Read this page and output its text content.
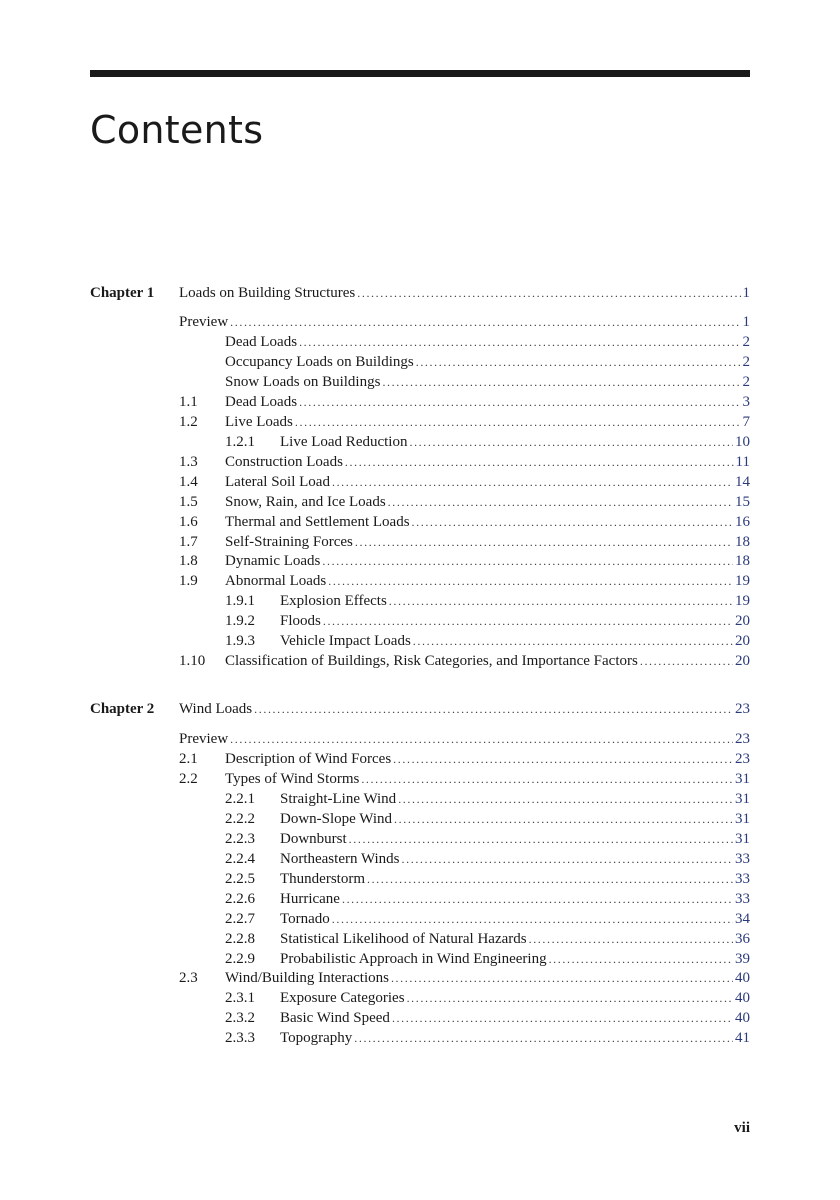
Contents
Chapter 1 Loads on Building Structures .....	1
Preview .....	1
Dead Loads .....	2
Occupancy Loads on Buildings .....	2
Snow Loads on Buildings .....	2
1.1 Dead Loads .....	3
1.2 Live Loads .....	7
1.2.1 Live Load Reduction .....	10
1.3 Construction Loads .....	11
1.4 Lateral Soil Load .....	14
1.5 Snow, Rain, and Ice Loads .....	15
1.6 Thermal and Settlement Loads .....	16
1.7 Self-Straining Forces .....	18
1.8 Dynamic Loads .....	18
1.9 Abnormal Loads .....	19
1.9.1 Explosion Effects .....	19
1.9.2 Floods .....	20
1.9.3 Vehicle Impact Loads .....	20
1.10 Classification of Buildings, Risk Categories, and Importance Factors .....	20
Chapter 2 Wind Loads .....	23
Preview .....	23
2.1 Description of Wind Forces .....	23
2.2 Types of Wind Storms .....	31
2.2.1 Straight-Line Wind .....	31
2.2.2 Down-Slope Wind .....	31
2.2.3 Downburst .....	31
2.2.4 Northeastern Winds .....	33
2.2.5 Thunderstorm .....	33
2.2.6 Hurricane .....	33
2.2.7 Tornado .....	34
2.2.8 Statistical Likelihood of Natural Hazards .....	36
2.2.9 Probabilistic Approach in Wind Engineering .....	39
2.3 Wind/Building Interactions .....	40
2.3.1 Exposure Categories .....	40
2.3.2 Basic Wind Speed .....	40
2.3.3 Topography .....	41
vii
